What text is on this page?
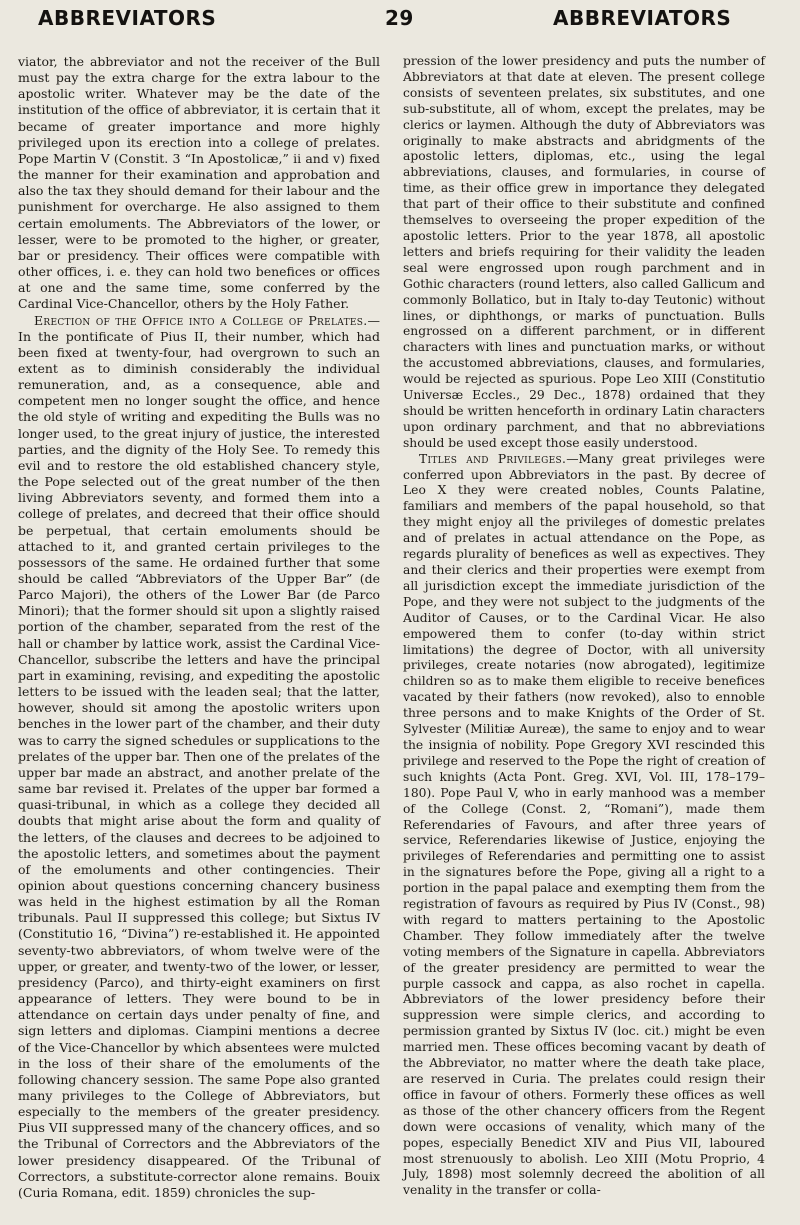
ABBREVIATORS	29	ABBREVIATORS

viator, the abbreviator and not the receiver of the Bull must pay the extra charge for the extra labour to the apostolic writer. Whatever may be the date of the institution of the office of abbreviator, it is certain that it became of greater importance and more highly privileged upon its erection into a college of prelates. Pope Martin V (Constit. 3 “In Apostolicæ,” ii and v) fixed the manner for their examination and approbation and also the tax they should demand for their labour and the punishment for overcharge. He also assigned to them certain emoluments. The Abbreviators of the lower, or lesser, were to be promoted to the higher, or greater, bar or presidency. Their offices were compatible with other offices, i. e. they can hold two benefices or offices at one and the same time, some conferred by the Cardinal Vice-Chancellor, others by the Holy Father.

Erection of the Office into a College of Prelates.—In the pontificate of Pius II, their number, which had been fixed at twenty-four, had overgrown to such an extent as to diminish considerably the individual remuneration, and, as a consequence, able and competent men no longer sought the office, and hence the old style of writing and expediting the Bulls was no longer used, to the great injury of justice, the interested parties, and the dignity of the Holy See. To remedy this evil and to restore the old established chancery style, the Pope selected out of the great number of the then living Abbreviators seventy, and formed them into a college of prelates, and decreed that their office should be perpetual, that certain emoluments should be attached to it, and granted certain privileges to the possessors of the same. He ordained further that some should be called “Abbreviators of the Upper Bar” (de Parco Majori), the others of the Lower Bar (de Parco Minori); that the former should sit upon a slightly raised portion of the chamber, separated from the rest of the hall or chamber by lattice work, assist the Cardinal Vice-Chancellor, subscribe the letters and have the principal part in examining, revising, and expediting the apostolic letters to be issued with the leaden seal; that the latter, however, should sit among the apostolic writers upon benches in the lower part of the chamber, and their duty was to carry the signed schedules or supplications to the prelates of the upper bar. Then one of the prelates of the upper bar made an abstract, and another prelate of the same bar revised it. Prelates of the upper bar formed a quasi-tribunal, in which as a college they decided all doubts that might arise about the form and quality of the letters, of the clauses and decrees to be adjoined to the apostolic letters, and sometimes about the payment of the emoluments and other contingencies. Their opinion about questions concerning chancery business was held in the highest estimation by all the Roman tribunals. Paul II suppressed this college; but Sixtus IV (Constitutio 16, “Divina”) re-established it. He appointed seventy-two abbreviators, of whom twelve were of the upper, or greater, and twenty-two of the lower, or lesser, presidency (Parco), and thirty-eight examiners on first appearance of letters. They were bound to be in attendance on certain days under penalty of fine, and sign letters and diplomas. Ciampini mentions a decree of the Vice-Chancellor by which absentees were mulcted in the loss of their share of the emoluments of the following chancery session. The same Pope also granted many privileges to the College of Abbreviators, but especially to the members of the greater presidency. Pius VII suppressed many of the chancery offices, and so the Tribunal of Correctors and the Abbreviators of the lower presidency disappeared. Of the Tribunal of Correctors, a substitute-corrector alone remains. Bouix (Curia Romana, edit. 1859) chronicles the sup-

pression of the lower presidency and puts the number of Abbreviators at that date at eleven. The present college consists of seventeen prelates, six substitutes, and one sub-substitute, all of whom, except the prelates, may be clerics or laymen. Although the duty of Abbreviators was originally to make abstracts and abridgments of the apostolic letters, diplomas, etc., using the legal abbreviations, clauses, and formularies, in course of time, as their office grew in importance they delegated that part of their office to their substitute and confined themselves to overseeing the proper expedition of the apostolic letters. Prior to the year 1878, all apostolic letters and briefs requiring for their validity the leaden seal were engrossed upon rough parchment and in Gothic characters (round letters, also called Gallicum and commonly Bollatico, but in Italy to-day Teutonic) without lines, or diphthongs, or marks of punctuation. Bulls engrossed on a different parchment, or in different characters with lines and punctuation marks, or without the accustomed abbreviations, clauses, and formularies, would be rejected as spurious. Pope Leo XIII (Constitutio Universæ Eccles., 29 Dec., 1878) ordained that they should be written henceforth in ordinary Latin characters upon ordinary parchment, and that no abbreviations should be used except those easily understood.

Titles and Privileges.—Many great privileges were conferred upon Abbreviators in the past. By decree of Leo X they were created nobles, Counts Palatine, familiars and members of the papal household, so that they might enjoy all the privileges of domestic prelates and of prelates in actual attendance on the Pope, as regards plurality of benefices as well as expectives. They and their clerics and their properties were exempt from all jurisdiction except the immediate jurisdiction of the Pope, and they were not subject to the judgments of the Auditor of Causes, or to the Cardinal Vicar. He also empowered them to confer (to-day within strict limitations) the degree of Doctor, with all university privileges, create notaries (now abrogated), legitimize children so as to make them eligible to receive benefices vacated by their fathers (now revoked), also to ennoble three persons and to make Knights of the Order of St. Sylvester (Militiæ Aureæ), the same to enjoy and to wear the insignia of nobility. Pope Gregory XVI rescinded this privilege and reserved to the Pope the right of creation of such knights (Acta Pont. Greg. XVI, Vol. III, 178–179–180). Pope Paul V, who in early manhood was a member of the College (Const. 2, “Romani”), made them Referendaries of Favours, and after three years of service, Referendaries likewise of Justice, enjoying the privileges of Referendaries and permitting one to assist in the signatures before the Pope, giving all a right to a portion in the papal palace and exempting them from the registration of favours as required by Pius IV (Const., 98) with regard to matters pertaining to the Apostolic Chamber. They follow immediately after the twelve voting members of the Signature in capella. Abbreviators of the greater presidency are permitted to wear the purple cassock and cappa, as also rochet in capella. Abbreviators of the lower presidency before their suppression were simple clerics, and according to permission granted by Sixtus IV (loc. cit.) might be even married men. These offices becoming vacant by death of the Abbreviator, no matter where the death take place, are reserved in Curia. The prelates could resign their office in favour of others. Formerly these offices as well as those of the other chancery officers from the Regent down were occasions of venality, which many of the popes, especially Benedict XIV and Pius VII, laboured most strenuously to abolish. Leo XIII (Motu Proprio, 4 July, 1898) most solemnly decreed the abolition of all venality in the transfer or colla-
